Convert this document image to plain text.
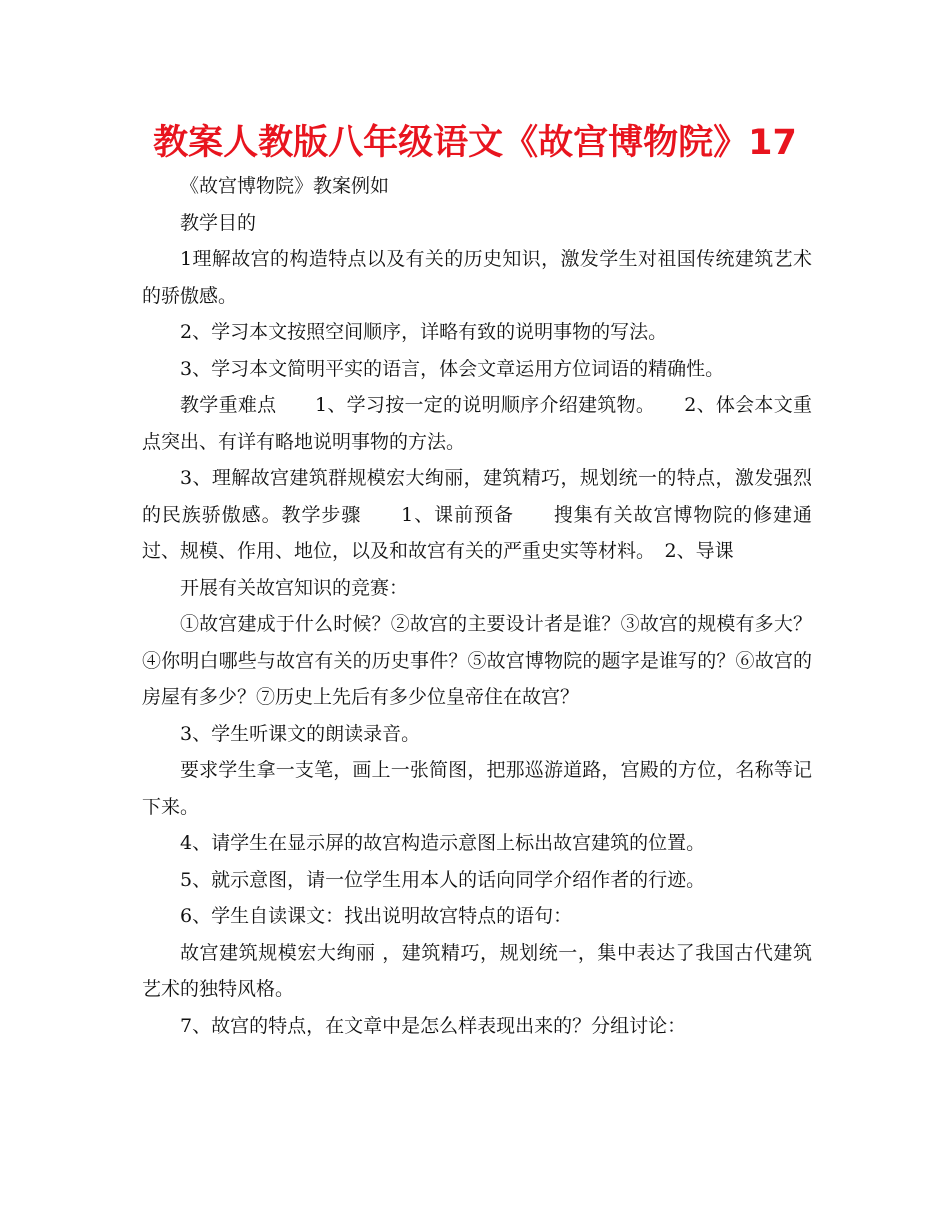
教案人教版八年级语文《故宫博物院》17

《故宫博物院》教案例如

教学目的

1理解故宫的构造特点以及有关的历史知识，激发学生对祖国传统建筑艺术的骄傲感。

2、学习本文按照空间顺序，详略有致的说明事物的写法。

3、学习本文简明平实的语言，体会文章运用方位词语的精确性。

教学重难点　　1、学习按一定的说明顺序介绍建筑物。　　2、体会本文重点突出、有详有略地说明事物的方法。

3、理解故宫建筑群规模宏大绚丽，建筑精巧，规划统一的特点，激发强烈的民族骄傲感。教学步骤　　1、课前预备　　搜集有关故宫博物院的修建通过、规模、作用、地位，以及和故宫有关的严重史实等材料。　2、导课

开展有关故宫知识的竞赛：

①故宫建成于什么时候？②故宫的主要设计者是谁？③故宫的规模有多大？④你明白哪些与故宫有关的历史事件？⑤故宫博物院的题字是谁写的？⑥故宫的房屋有多少？⑦历史上先后有多少位皇帝住在故宫？

3、学生听课文的朗读录音。

要求学生拿一支笔，画上一张简图，把那巡游道路，宫殿的方位，名称等记下来。

4、请学生在显示屏的故宫构造示意图上标出故宫建筑的位置。

5、就示意图，请一位学生用本人的话向同学介绍作者的行迹。

6、学生自读课文：找出说明故宫特点的语句：

故宫建筑规模宏大绚丽 ，建筑精巧，规划统一，集中表达了我国古代建筑艺术的独特风格。

7、故宫的特点，在文章中是怎么样表现出来的？分组讨论：
